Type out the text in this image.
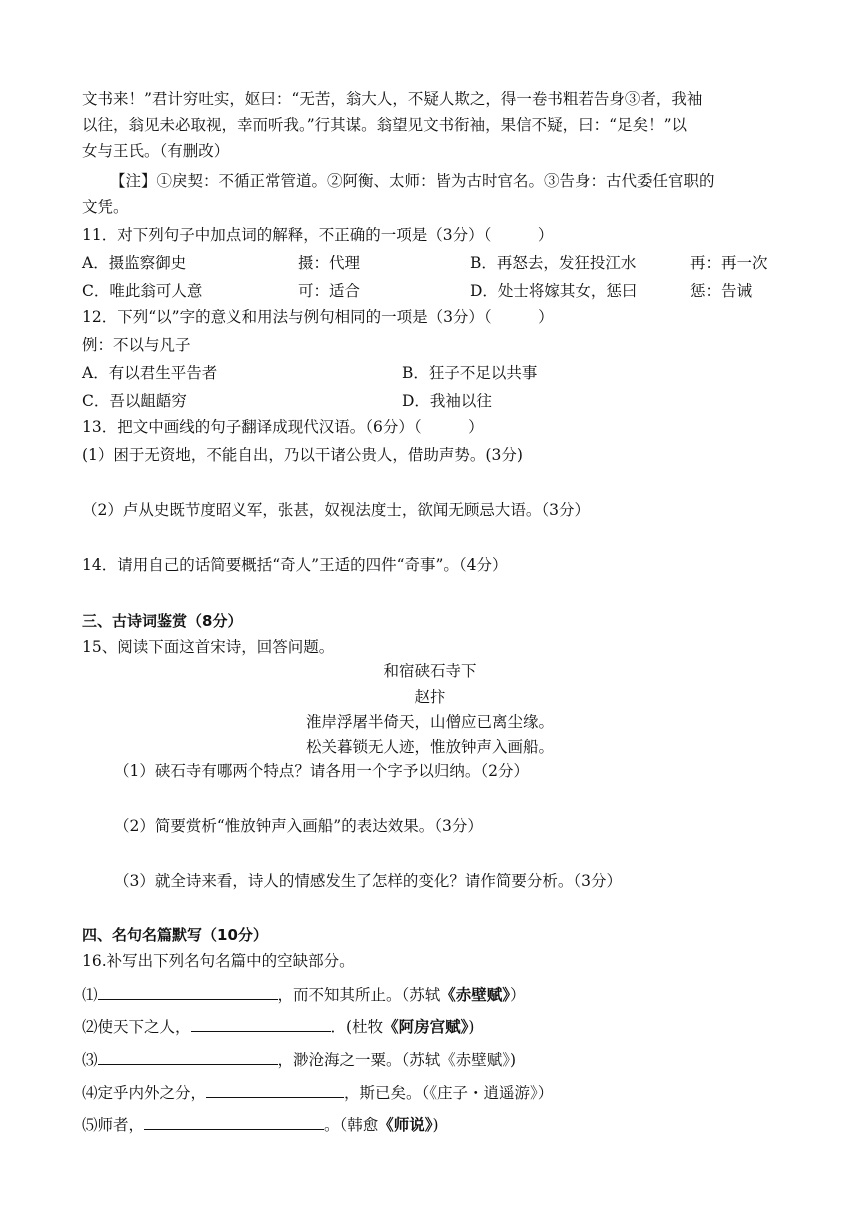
文书来！”君计穷吐实，妪曰：“无苦，翁大人，不疑人欺之，得一卷书粗若告身③者，我袖
以往，翁见未必取视，幸而听我。”行其谋。翁望见文书衔袖，果信不疑，曰：“足矣！”以
女与王氏。（有删改）
【注】①戾契：不循正常管道。②阿衡、太师：皆为古时官名。③告身：古代委任官职的
文凭。
11．对下列句子中加点词的解释，不正确的一项是（3分）（　　　）
A．摄监察御史	摄：代理	B．再怒去，发狂投江水	再：再一次
C．唯此翁可人意	可：适合	D．处士将嫁其女，惩曰	惩：告诫
12．下列“以”字的意义和用法与例句相同的一项是（3分）（　　　）
例：不以与凡子
A．有以君生平告者	B．狂子不足以共事
C．吾以龃龉穷	D．我袖以往
13．把文中画线的句子翻译成现代汉语。（6分）（　　　）
(1）困于无资地，不能自出，乃以干诸公贵人，借助声势。(3分)
（2）卢从史既节度昭义军，张甚，奴视法度士，欲闻无顾忌大语。（3分）
14．请用自己的话简要概括“奇人”王适的四件“奇事”。（4分）
三、古诗词鉴赏（8分）
15、阅读下面这首宋诗，回答问题。
和宿硖石寺下
赵抃
淮岸浮屠半倚天，山僧应已离尘缘。
松关暮锁无人迹，惟放钟声入画船。
（1）硖石寺有哪两个特点？请各用一个字予以归纳。（2分）
（2）简要赏析“惟放钟声入画船”的表达效果。（3分）
（3）就全诗来看，诗人的情感发生了怎样的变化？请作简要分析。（3分）
四、名句名篇默写（10分）
16.补写出下列名句名篇中的空缺部分。
⑴	，而不知其所止。（苏轼《赤壁赋》）
⑵使天下之人，	．(杜牧《阿房宫赋》)
⑶	，渺沧海之一粟。（苏轼《赤壁赋》)
⑷定乎内外之分，	，斯已矣。（《庄子・逍遥游》）
⑸师者，	。（韩愈《师说》)
